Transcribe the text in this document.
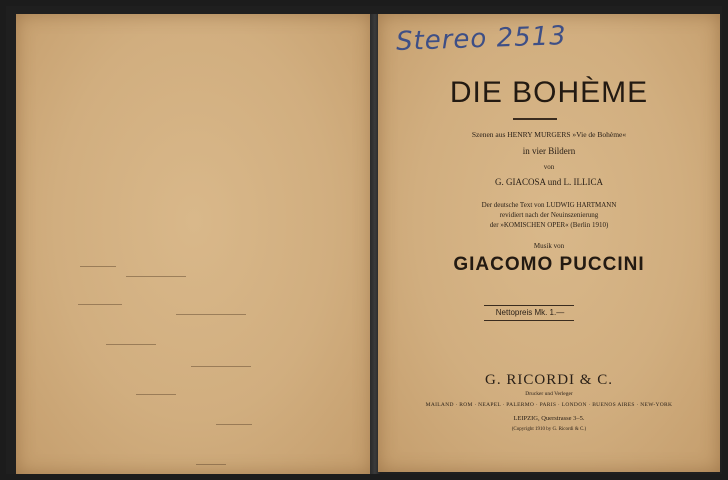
Stereo 2513
DIE BOHÈME
Szenen aus HENRY MURGERS »Vie de Bohème«
in vier Bildern
von
G. GIACOSA und L. ILLICA
Der deutsche Text von LUDWIG HARTMANN
revidiert nach der Neuinszenierung
der »KOMISCHEN OPER« (Berlin 1910)
Musik von
GIACOMO PUCCINI
Nettopreis Mk. 1.—
G. RICORDI & C.
Drucker und Verleger
MAILAND · ROM · NEAPEL · PALERMO · PARIS · LONDON · BUENOS AIRES · NEW-YORK
LEIPZIG, Querstrasse 3–5.
(Copyright 1910 by G. Ricordi & C.)
